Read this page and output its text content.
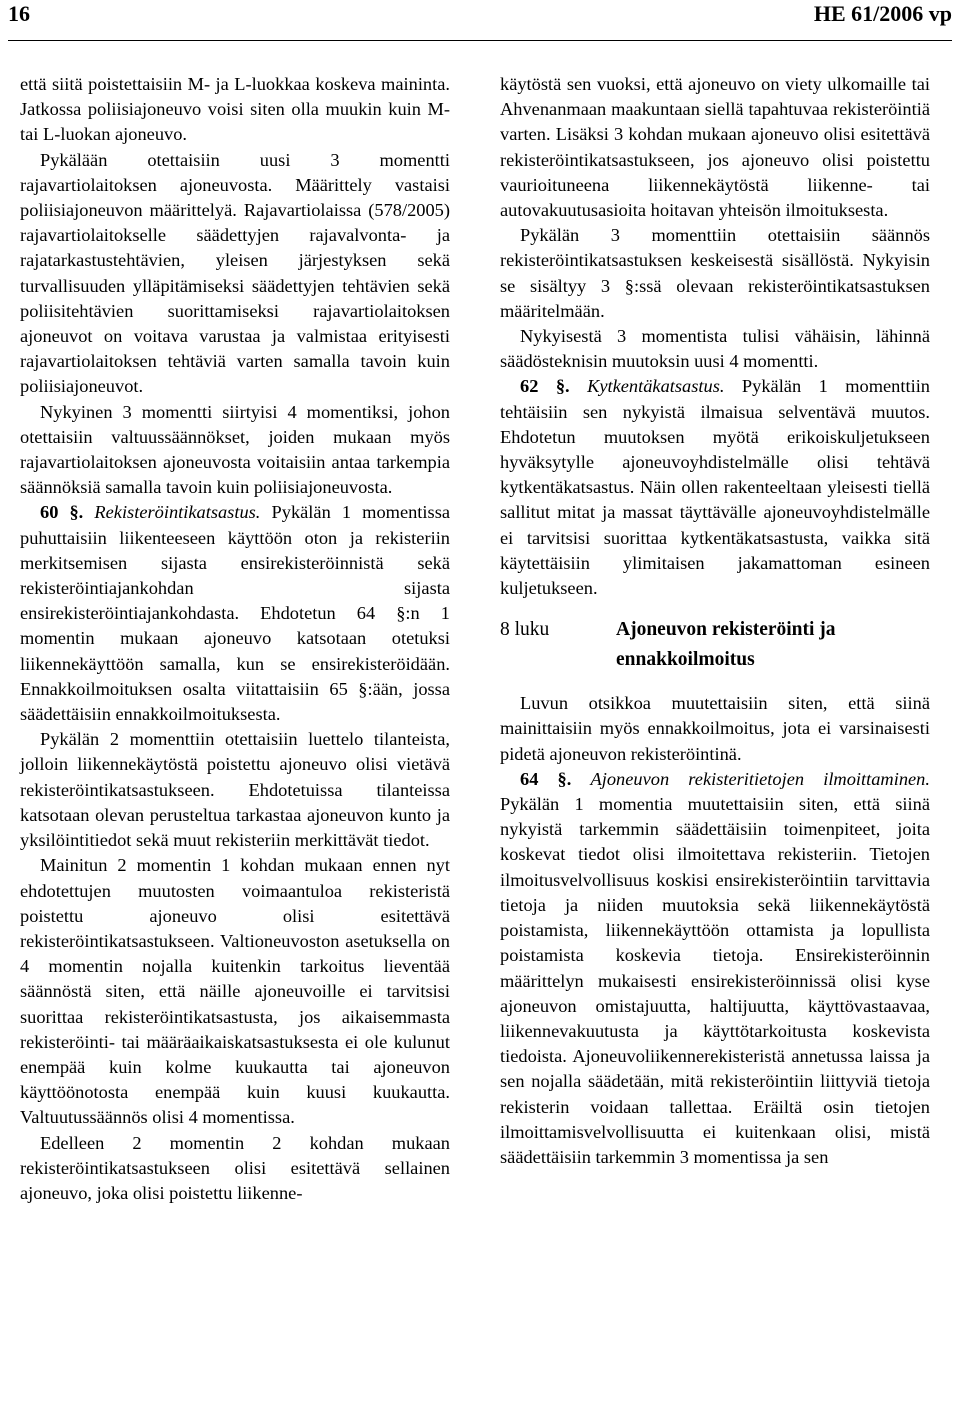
16	HE 61/2006 vp

että siitä poistettaisiin M- ja L-luokkaa koskeva maininta. Jatkossa poliisiajoneuvo voisi siten olla muukin kuin M- tai L-luokan ajoneuvo.

Pykälään otettaisiin uusi 3 momentti rajavartiolaitoksen ajoneuvosta. Määrittely vastaisi poliisiajoneuvon määrittelyä. Rajavartiolaissa (578/2005) rajavartiolaitokselle säädettyjen rajavalvonta- ja rajatarkastustehtävien, yleisen järjestyksen sekä turvallisuuden ylläpitämiseksi säädettyjen tehtävien sekä poliisitehtävien suorittamiseksi rajavartiolaitoksen ajoneuvot on voitava varustaa ja valmistaa erityisesti rajavartiolaitoksen tehtäviä varten samalla tavoin kuin poliisiajoneuvot.

Nykyinen 3 momentti siirtyisi 4 momentiksi, johon otettaisiin valtuussäännökset, joiden mukaan myös rajavartiolaitoksen ajoneuvosta voitaisiin antaa tarkempia säännöksiä samalla tavoin kuin poliisiajoneuvosta.

60 §. Rekisteröintikatsastus. Pykälän 1 momentissa puhuttaisiin liikenteeseen käyttöön oton ja rekisteriin merkitsemisen sijasta ensirekisteröinnistä sekä rekisteröintiajankohdan sijasta ensirekisteröintiajankohdasta. Ehdotetun 64 §:n 1 momentin mukaan ajoneuvo katsotaan otetuksi liikennekäyttöön samalla, kun se ensirekisteröidään. Ennakkoilmoituksen osalta viitattaisiin 65 §:ään, jossa säädettäisiin ennakkoilmoituksesta.

Pykälän 2 momenttiin otettaisiin luettelo tilanteista, jolloin liikennekäytöstä poistettu ajoneuvo olisi vietävä rekisteröintikatsastukseen. Ehdotetuissa tilanteissa katsotaan olevan perusteltua tarkastaa ajoneuvon kunto ja yksilöintitiedot sekä muut rekisteriin merkittävät tiedot.

Mainitun 2 momentin 1 kohdan mukaan ennen nyt ehdotettujen muutosten voimaantuloa rekisteristä poistettu ajoneuvo olisi esitettävä rekisteröintikatsastukseen. Valtioneuvoston asetuksella on 4 momentin nojalla kuitenkin tarkoitus lieventää säännöstä siten, että näille ajoneuvoille ei tarvitsisi suorittaa rekisteröintikatsastusta, jos aikaisemmasta rekisteröinti- tai määräaikaiskatsastuksesta ei ole kulunut enempää kuin kolme kuukautta tai ajoneuvon käyttöönotosta enempää kuin kuusi kuukautta. Valtuutussäännös olisi 4 momentissa.

Edelleen 2 momentin 2 kohdan mukaan rekisteröintikatsastukseen olisi esitettävä sellainen ajoneuvo, joka olisi poistettu liikenne-

käytöstä sen vuoksi, että ajoneuvo on viety ulkomaille tai Ahvenanmaan maakuntaan siellä tapahtuvaa rekisteröintiä varten. Lisäksi 3 kohdan mukaan ajoneuvo olisi esitettävä rekisteröintikatsastukseen, jos ajoneuvo olisi poistettu vaurioituneena liikennekäytöstä liikenne- tai autovakuutusasioita hoitavan yhteisön ilmoituksesta.

Pykälän 3 momenttiin otettaisiin säännös rekisteröintikatsastuksen keskeisestä sisällöstä. Nykyisin se sisältyy 3 §:ssä olevaan rekisteröintikatsastuksen määritelmään.

Nykyisestä 3 momentista tulisi vähäisin, lähinnä säädösteknisin muutoksin uusi 4 momentti.

62 §. Kytkentäkatsastus. Pykälän 1 momenttiin tehtäisiin sen nykyistä ilmaisua selventävä muutos. Ehdotetun muutoksen myötä erikoiskuljetukseen hyväksytylle ajoneuvoyhdistelmälle olisi tehtävä kytkentäkatsastus. Näin ollen rakenteeltaan yleisesti tiellä sallitut mitat ja massat täyttävälle ajoneuvoyhdistelmälle ei tarvitsisi suorittaa kytkentäkatsastusta, vaikka sitä käytettäisiin ylimitaisen jakamattoman esineen kuljetukseen.

8 luku	Ajoneuvon rekisteröinti ja ennakkoilmoitus

Luvun otsikkoa muutettaisiin siten, että siinä mainittaisiin myös ennakkoilmoitus, jota ei varsinaisesti pidetä ajoneuvon rekisteröintinä.

64 §. Ajoneuvon rekisteritietojen ilmoittaminen. Pykälän 1 momentia muutettaisiin siten, että siinä nykyistä tarkemmin säädettäisiin toimenpiteet, joita koskevat tiedot olisi ilmoitettava rekisteriin. Tietojen ilmoitusvelvollisuus koskisi ensirekisteröintiin tarvittavia tietoja ja niiden muutoksia sekä liikennekäytöstä poistamista, liikennekäyttöön ottamista ja lopullista poistamista koskevia tietoja. Ensirekisteröinnin määrittelyn mukaisesti ensirekisteröinnissä olisi kyse ajoneuvon omistajuutta, haltijuutta, käyttövastaavaa, liikennevakuutusta ja käyttötarkoitusta koskevista tiedoista. Ajoneuvoliikennerekisteristä annetussa laissa ja sen nojalla säädetään, mitä rekisteröintiin liittyviä tietoja rekisterin voidaan tallettaa. Eräiltä osin tietojen ilmoittamisvelvollisuutta ei kuitenkaan olisi, mistä säädettäisiin tarkemmin 3 momentissa ja sen
